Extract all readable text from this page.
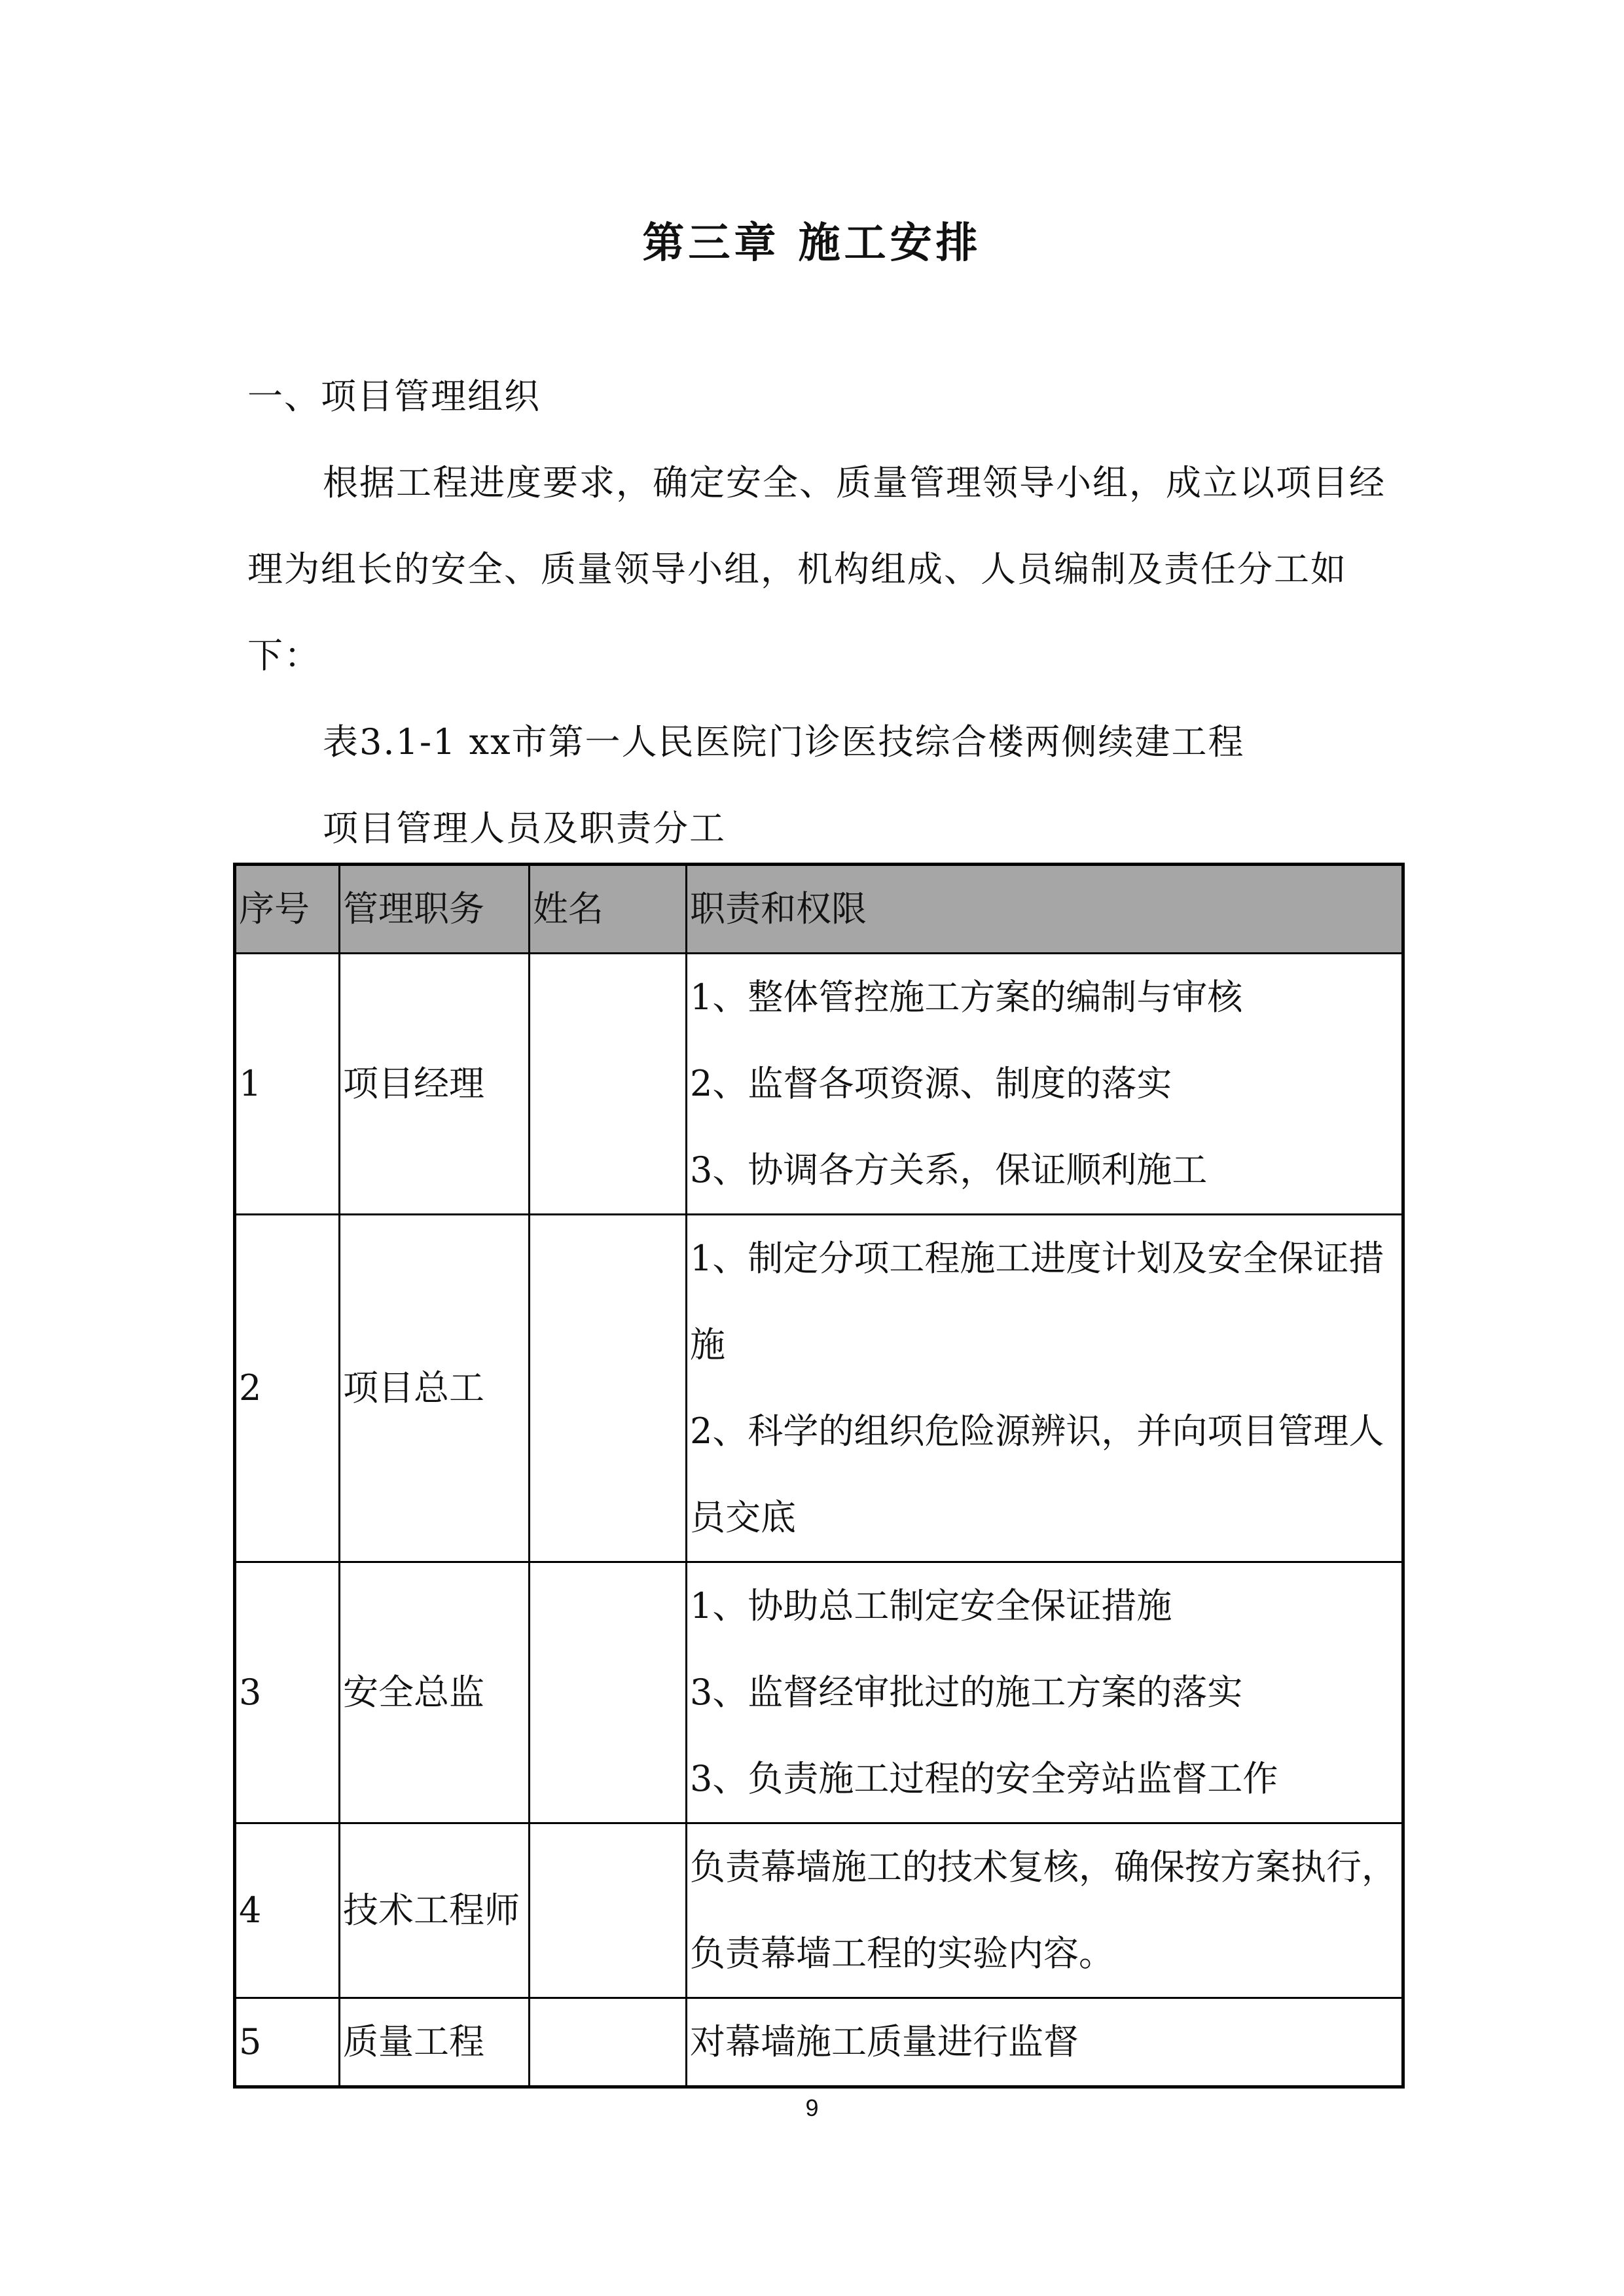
第三章 施工安排
一、项目管理组织
根据工程进度要求，确定安全、质量管理领导小组，成立以项目经理为组长的安全、质量领导小组，机构组成、人员编制及责任分工如下：
表3.1-1 xx市第一人民医院门诊医技综合楼两侧续建工程
项目管理人员及职责分工
序号	管理职务	姓名	职责和权限
1	项目经理		1、整体管控施工方案的编制与审核
2、监督各项资源、制度的落实
3、协调各方关系，保证顺利施工

2	项目总工		1、制定分项工程施工进度计划及安全保证措施
2、科学的组织危险源辨识，并向项目管理人员交底

3	安全总监		1、协助总工制定安全保证措施
3、监督经审批过的施工方案的落实
3、负责施工过程的安全旁站监督工作

4	技术工程师		负责幕墙施工的技术复核，确保按方案执行，负责幕墙工程的实验内容。

5	质量工程		对幕墙施工质量进行监督
9
